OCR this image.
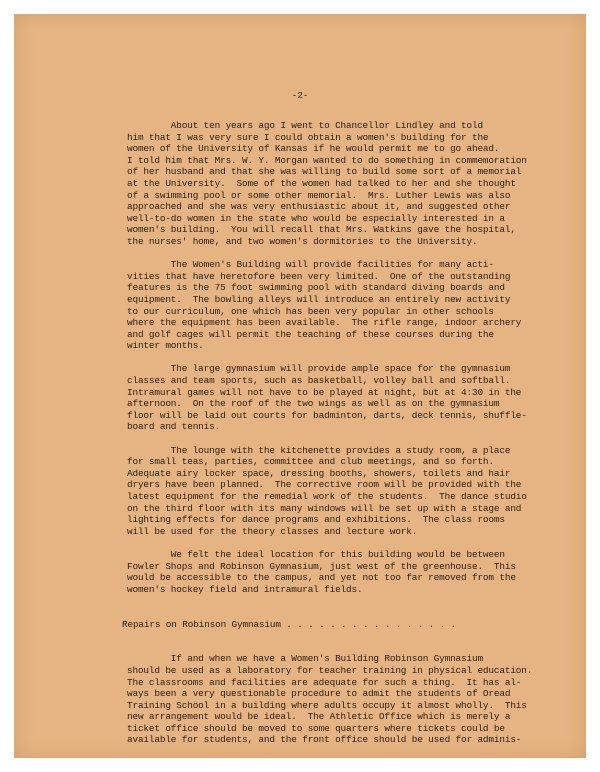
-2-
About ten years ago I went to Chancellor Lindley and told
him that I was very sure I could obtain a women's building for the
women of the University of Kansas if he would permit me to go ahead.
I told him that Mrs. W. Y. Morgan wanted to do something in commemoration
of her husband and that she was willing to build some sort of a memorial
at the University.  Some of the women had talked to her and she thought
of a swimming pool or some other memorial.  Mrs. Luther Lewis was also
approached and she was very enthusiastic about it, and suggested other
well-to-do women in the state who would be especially interested in a
women's building.  You will recall that Mrs. Watkins gave the hospital,
the nurses' home, and two women's dormitories to the University.
The Women's Building will provide facilities for many acti-
vities that have heretofore been very limited.  One of the outstanding
features is the 75 foot swimming pool with standard diving boards and
equipment.  The bowling alleys will introduce an entirely new activity
to our curriculum, one which has been very popular in other schools
where the equipment has been available.  The rifle range, indoor archery
and golf cages will permit the teaching of these courses during the
winter months.
The large gymnasium will provide ample space for the gymnasium
classes and team sports, such as basketball, volley ball and softball.
Intramural games will not have to be played at night, but at 4:30 in the
afternoon.  On the roof of the two wings as well as on the gymnasium
floor will be laid out courts for badminton, darts, deck tennis, shuffle-
board and tennis.
The lounge with the kitchenette provides a study room, a place
for small teas, parties, committee and club meetings, and so forth.
Adequate airy locker space, dressing booths, showers, toilets and hair
dryers have been planned.  The corrective room will be provided with the
latest equipment for the remedial work of the students.  The dance studio
on the third floor with its many windows will be set up with a stage and
lighting effects for dance programs and exhibitions.  The class rooms
will be used for the theory classes and lecture work.
We felt the ideal location for this building would be between
Fowler Shops and Robinson Gymnasium, just west of the greenhouse.  This
would be accessible to the campus, and yet not too far removed from the
women's hockey field and intramural fields.
Repairs on Robinson Gymnasium . . . . . . . . . . . . . . . .
If and when we have a Women's Building Robinson Gymnasium
should be used as a laboratory for teacher training in physical education.
The classrooms and facilities are adequate for such a thing.  It has al-
ways been a very questionable procedure to admit the students of Oread
Training School in a building where adults occupy it almost wholly.  This
new arrangement would be ideal.  The Athletic Office which is merely a
ticket office should be moved to some quarters where tickets could be
available for students, and the front office should be used for adminis-
